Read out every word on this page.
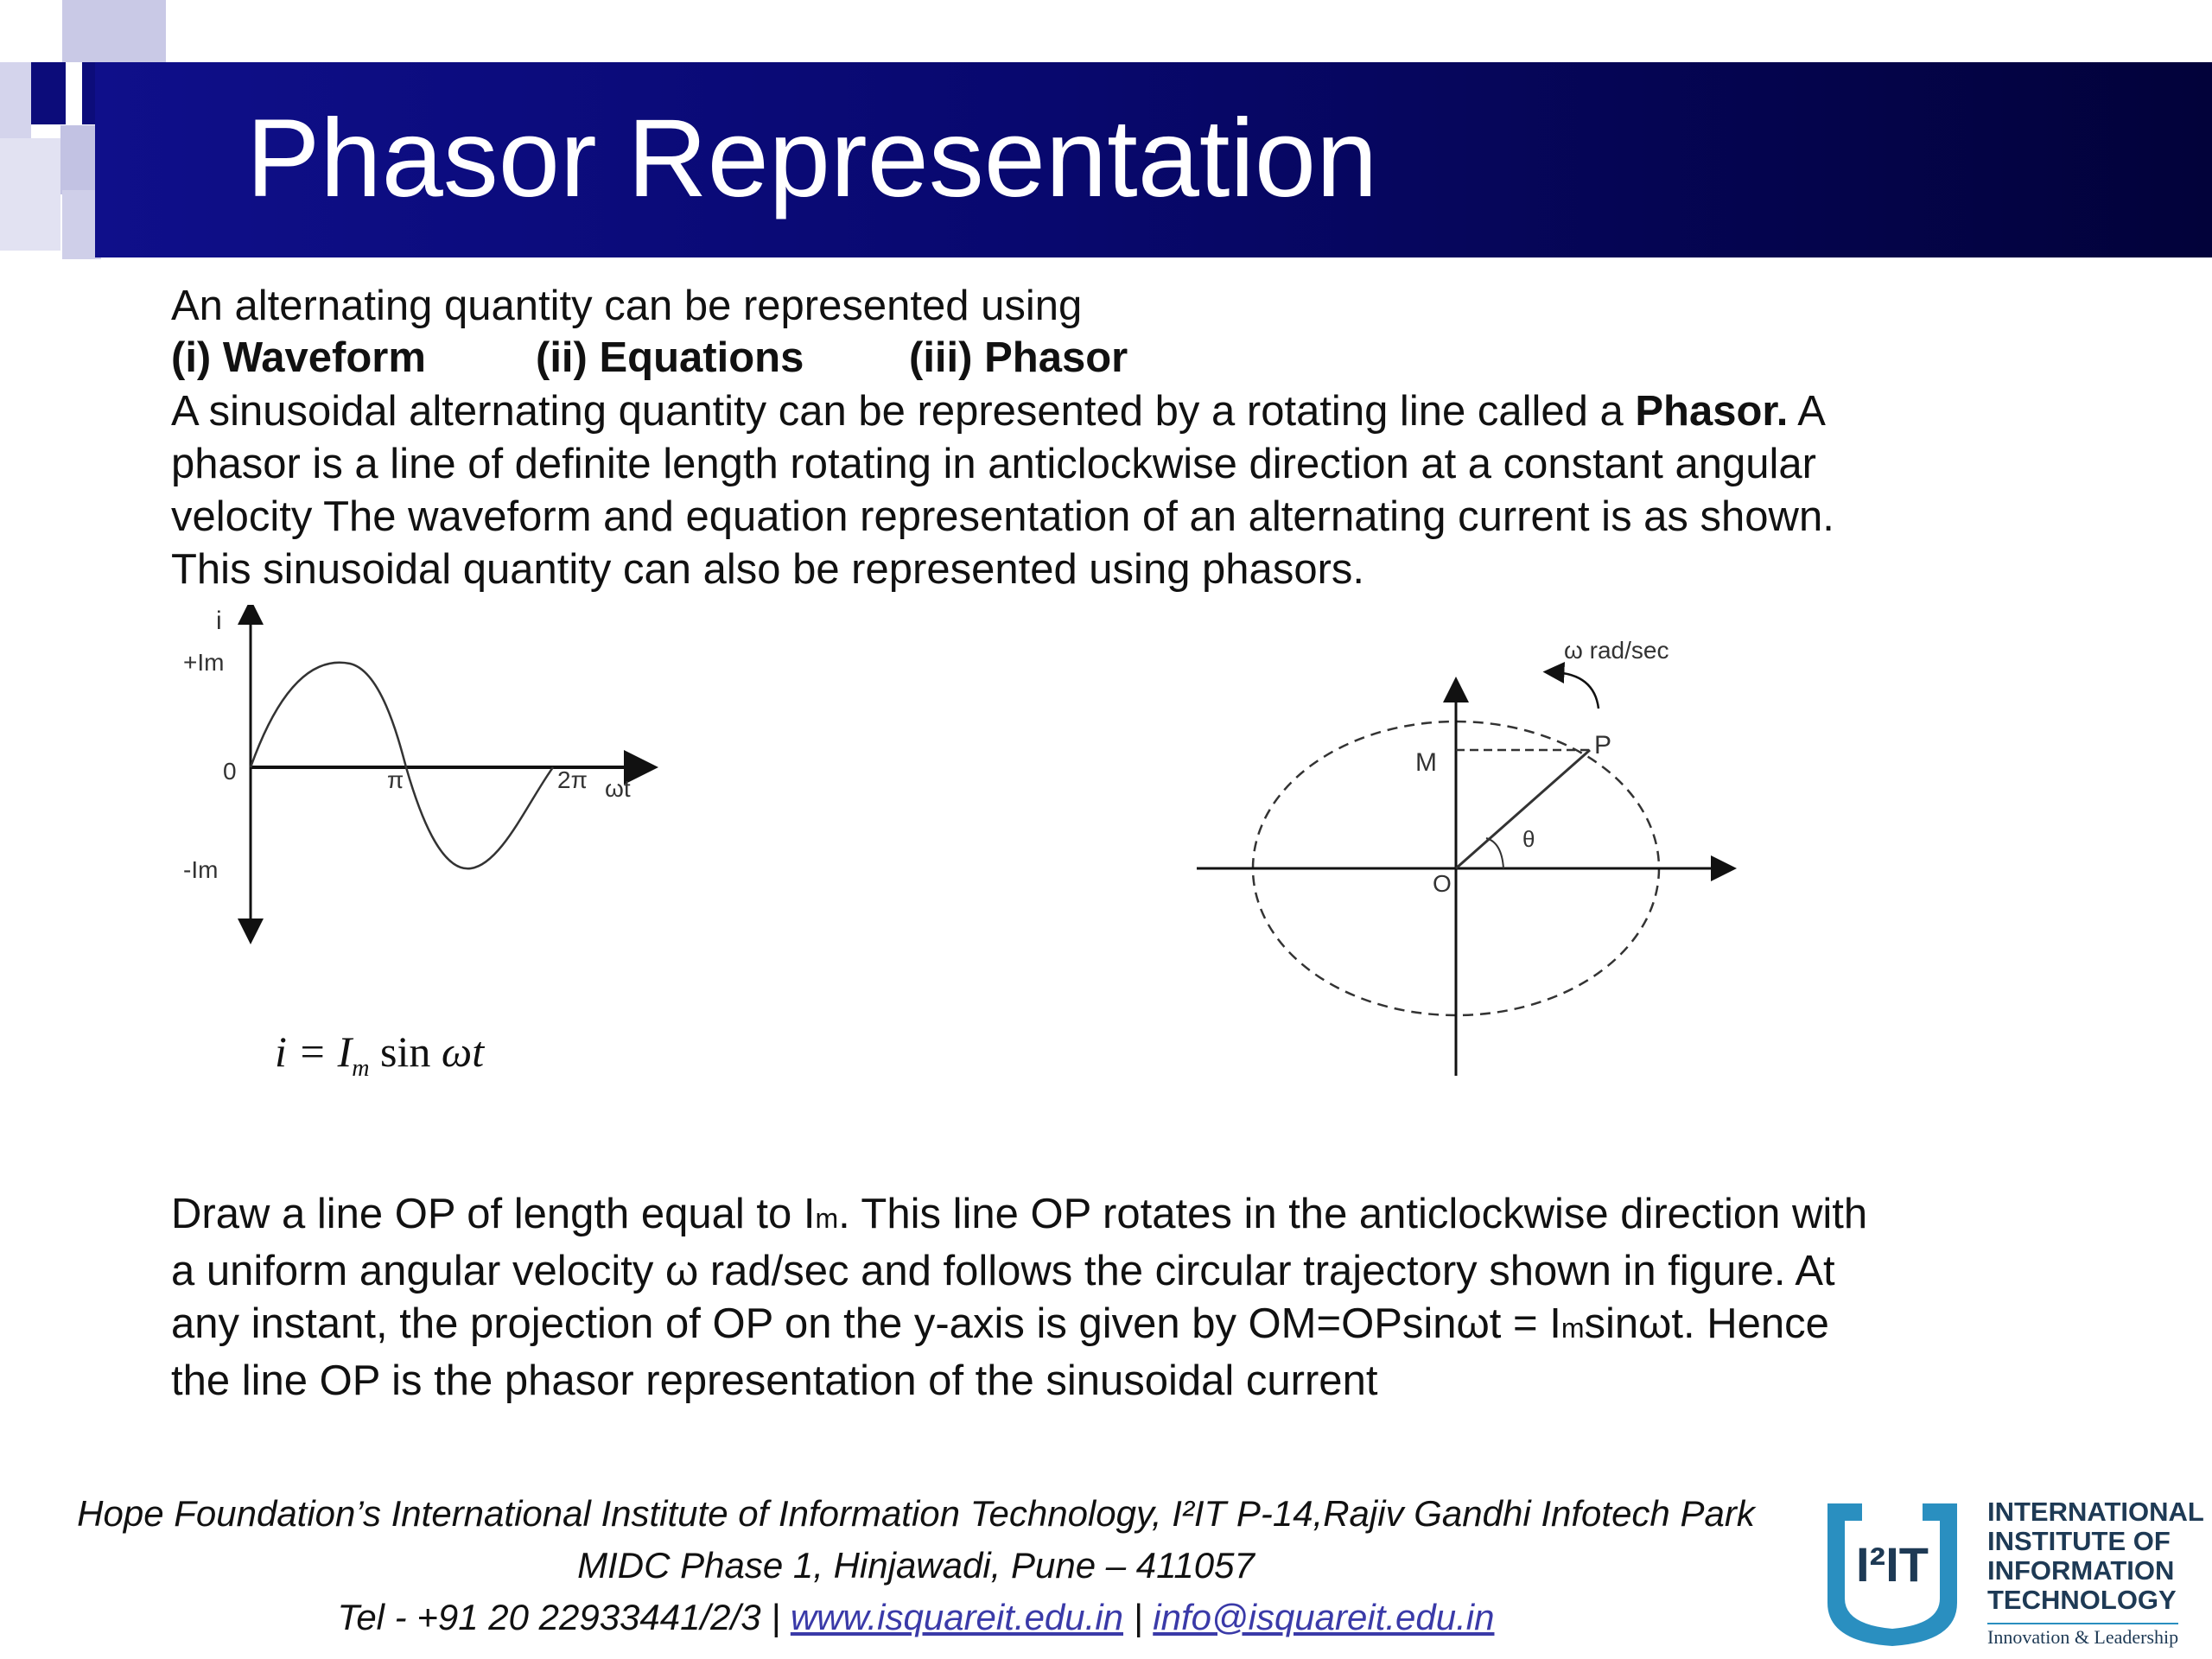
Phasor Representation
An alternating quantity can be represented using
(i) Waveform	(ii) Equations (iii) Phasor
A sinusoidal alternating quantity can be represented by a rotating line called a Phasor. A
phasor is a line of definite length rotating in anticlockwise direction at a constant angular
velocity The waveform and equation representation of an alternating current is as shown.
This sinusoidal quantity can also be represented using phasors.
i
+Im
0
-Im
π	2π ωt
$i = I_m$ sin ωt
ω rad/sec
P
M
θ
O
Draw a line OP of length equal to Im. This line OP rotates in the anticlockwise direction with
a uniform angular velocity ω rad/sec and follows the circular trajectory shown in figure. At
any instant, the projection of OP on the y-axis is given by OM=OPsinωt = Imsinωt. Hence
the line OP is the phasor representation of the sinusoidal current
Hope Foundation’s International Institute of Information Technology, I²IT P-14,Rajiv Gandhi Infotech Park
MIDC Phase 1, Hinjawadi, Pune – 411057
Tel - +91 20 22933441/2/3 | www.isquareit.edu.in | info@isquareit.edu.in
I²IT
INTERNATIONAL
INSTITUTE OF
INFORMATION
TECHNOLOGY
Innovation & Leadership
